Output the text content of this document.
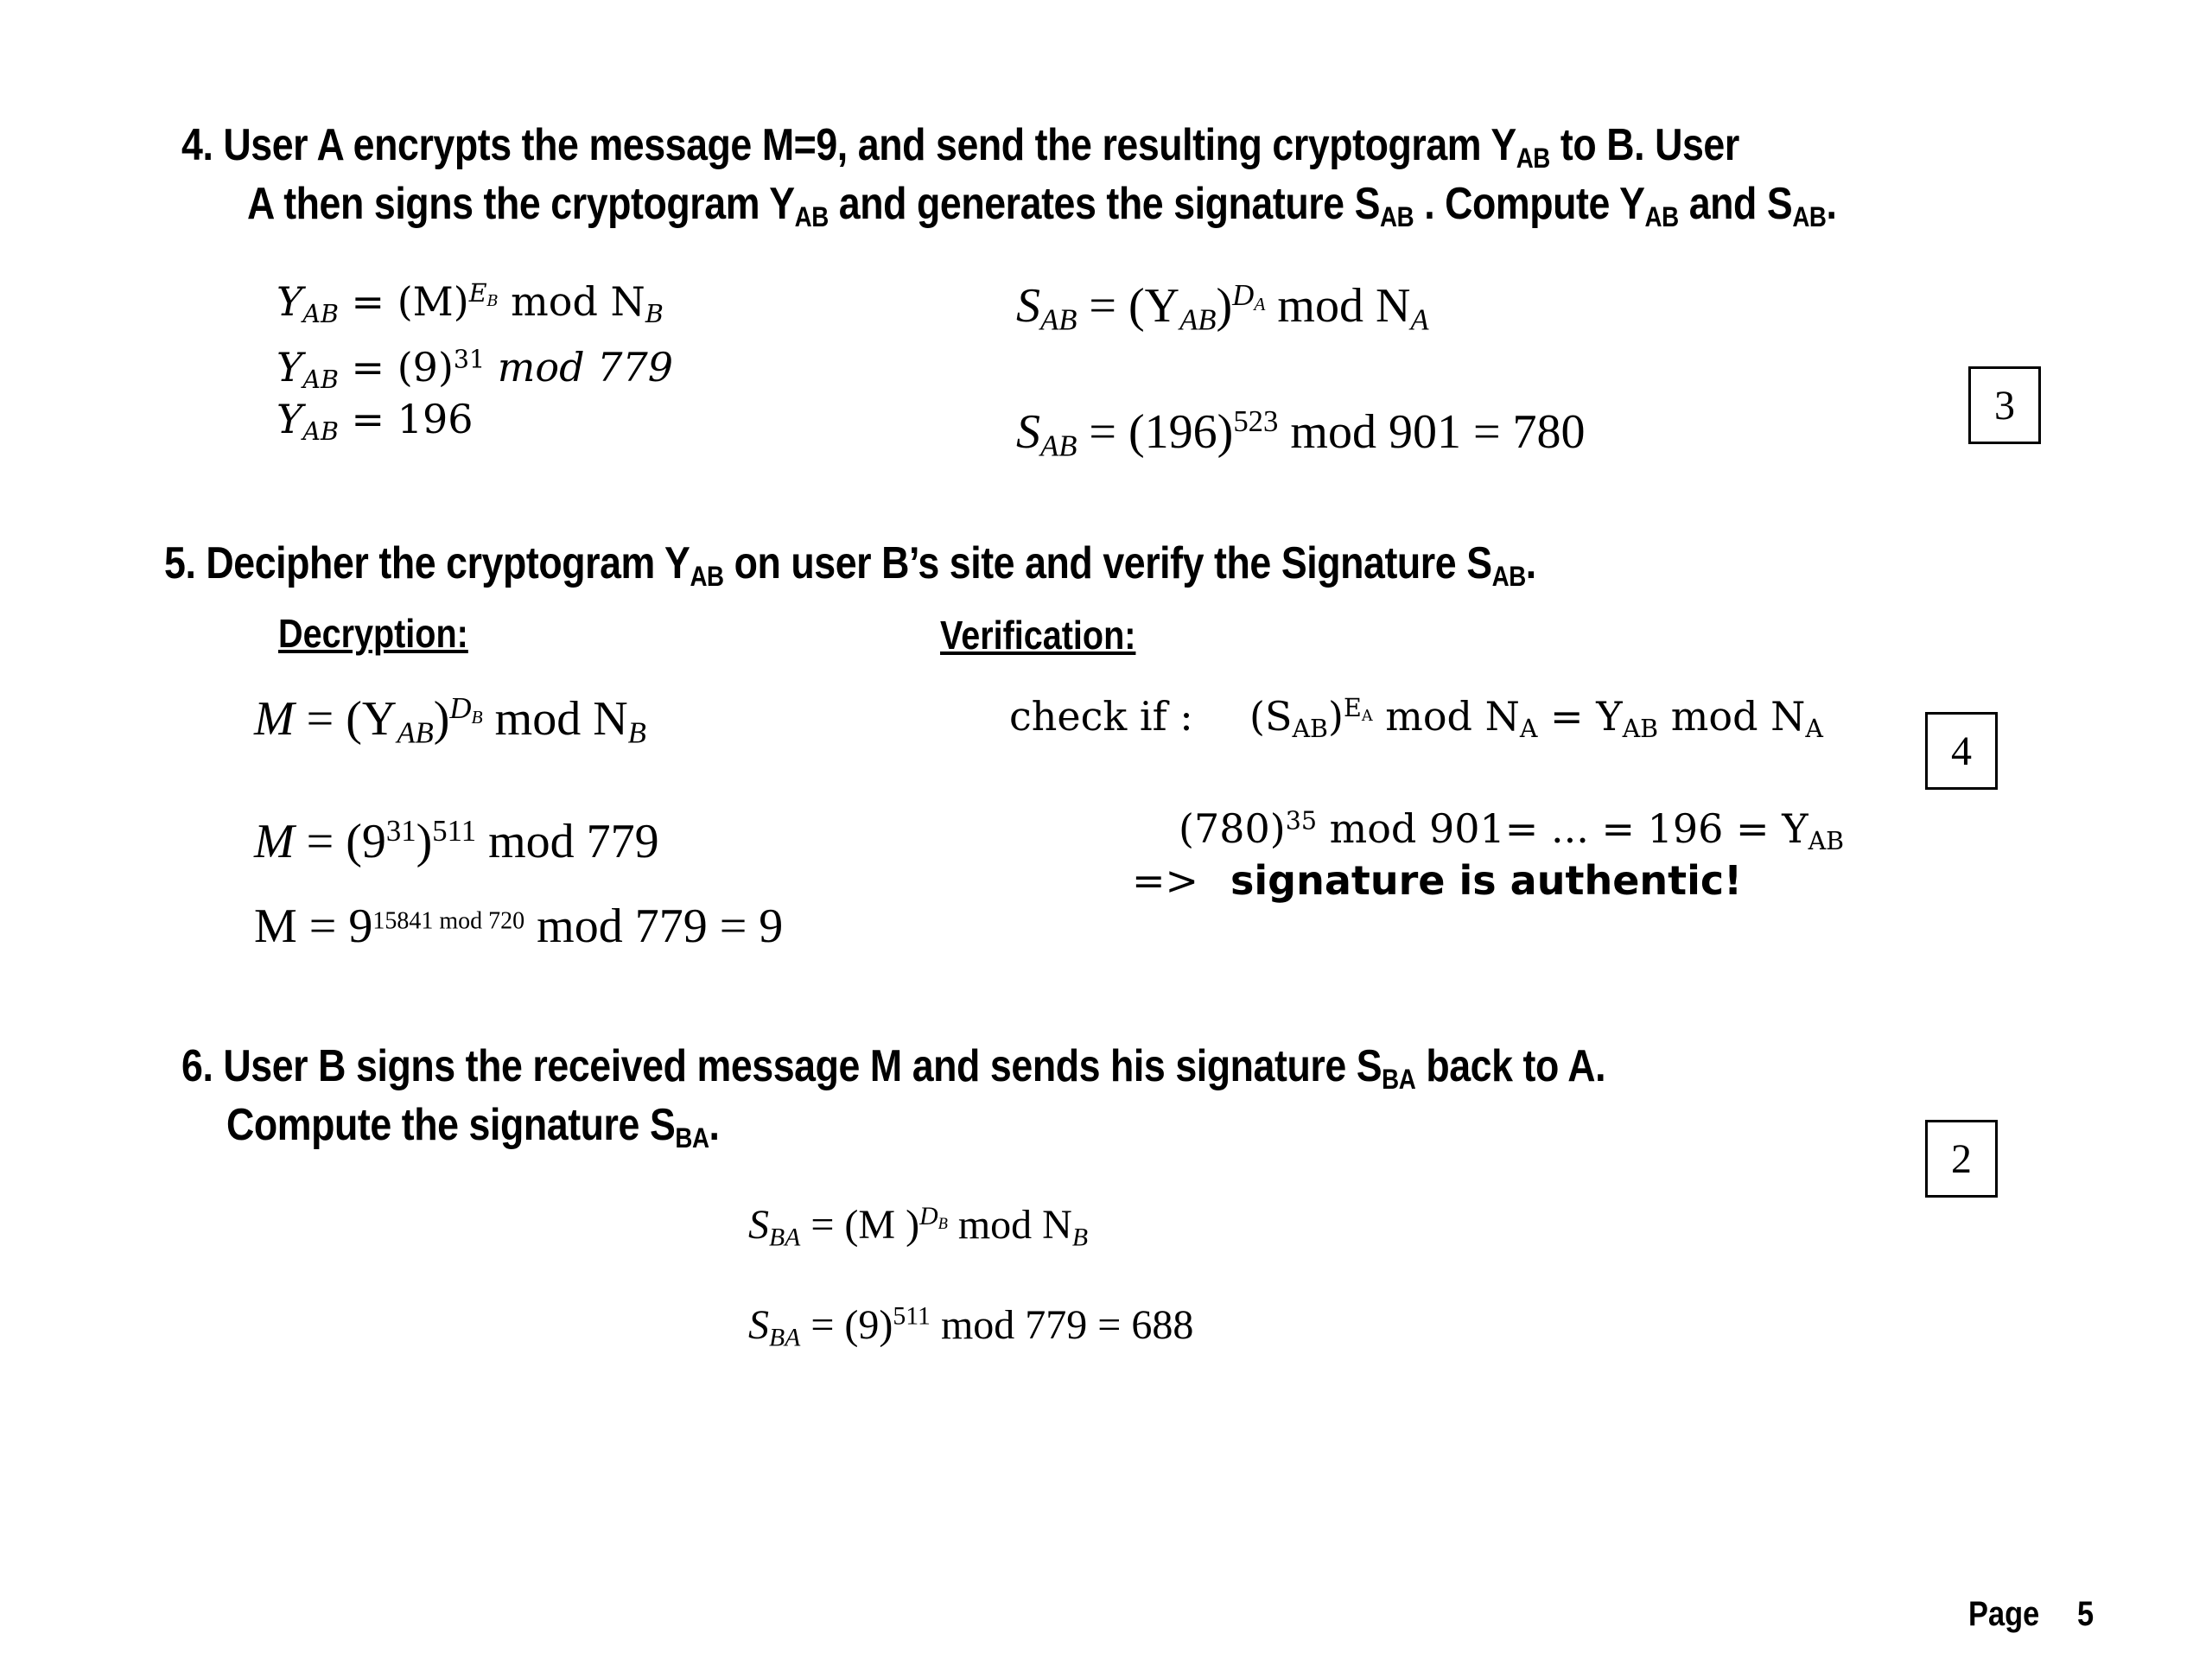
4. User A encrypts the message M=9, and send the resulting cryptogram $Y_{AB}$ to B. User
A then signs the cryptogram $Y_{AB}$ and generates the signature $S_{AB}$ . Compute $Y_{AB}$ and $S_{AB}$.
$Y_{AB} = (M)^{E_B}$ mod $N_B$
$Y_{AB} = (9)^{31}$ mod 779
$Y_{AB} = 196$
$S_{AB} = (Y_{AB})^{D_A}$ mod $N_A$
$S_{AB} = (196)^{523}$ mod 901 = 780	3
5. Decipher the cryptogram $Y_{AB}$ on user B’s site and verify the Signature $S_{AB}$.
Decryption:	Verification:
$M = (Y_{AB})^{D_B}$ mod $N_B$
$M = (9^{31})^{511}$ mod 779
$M = 9^{15841 mod 720}$ mod 779 = 9
check if : $(S_{AB})^{E_A}$ mod $N_A = Y_{AB}$ mod $N_A$
$(780)^{35}$ mod 901= ... = $196 = Y_{AB}$
=> signature is authentic!
4
6. User B signs the received message M and sends his signature $S_{BA}$ back to A.
Compute the signature $S_{BA}$.
$S_{BA} = (M$ )$^{D_B}$ mod $N_B$
$S_{BA} = (9)^{511}$ mod 779 = 688
2
Page 5
